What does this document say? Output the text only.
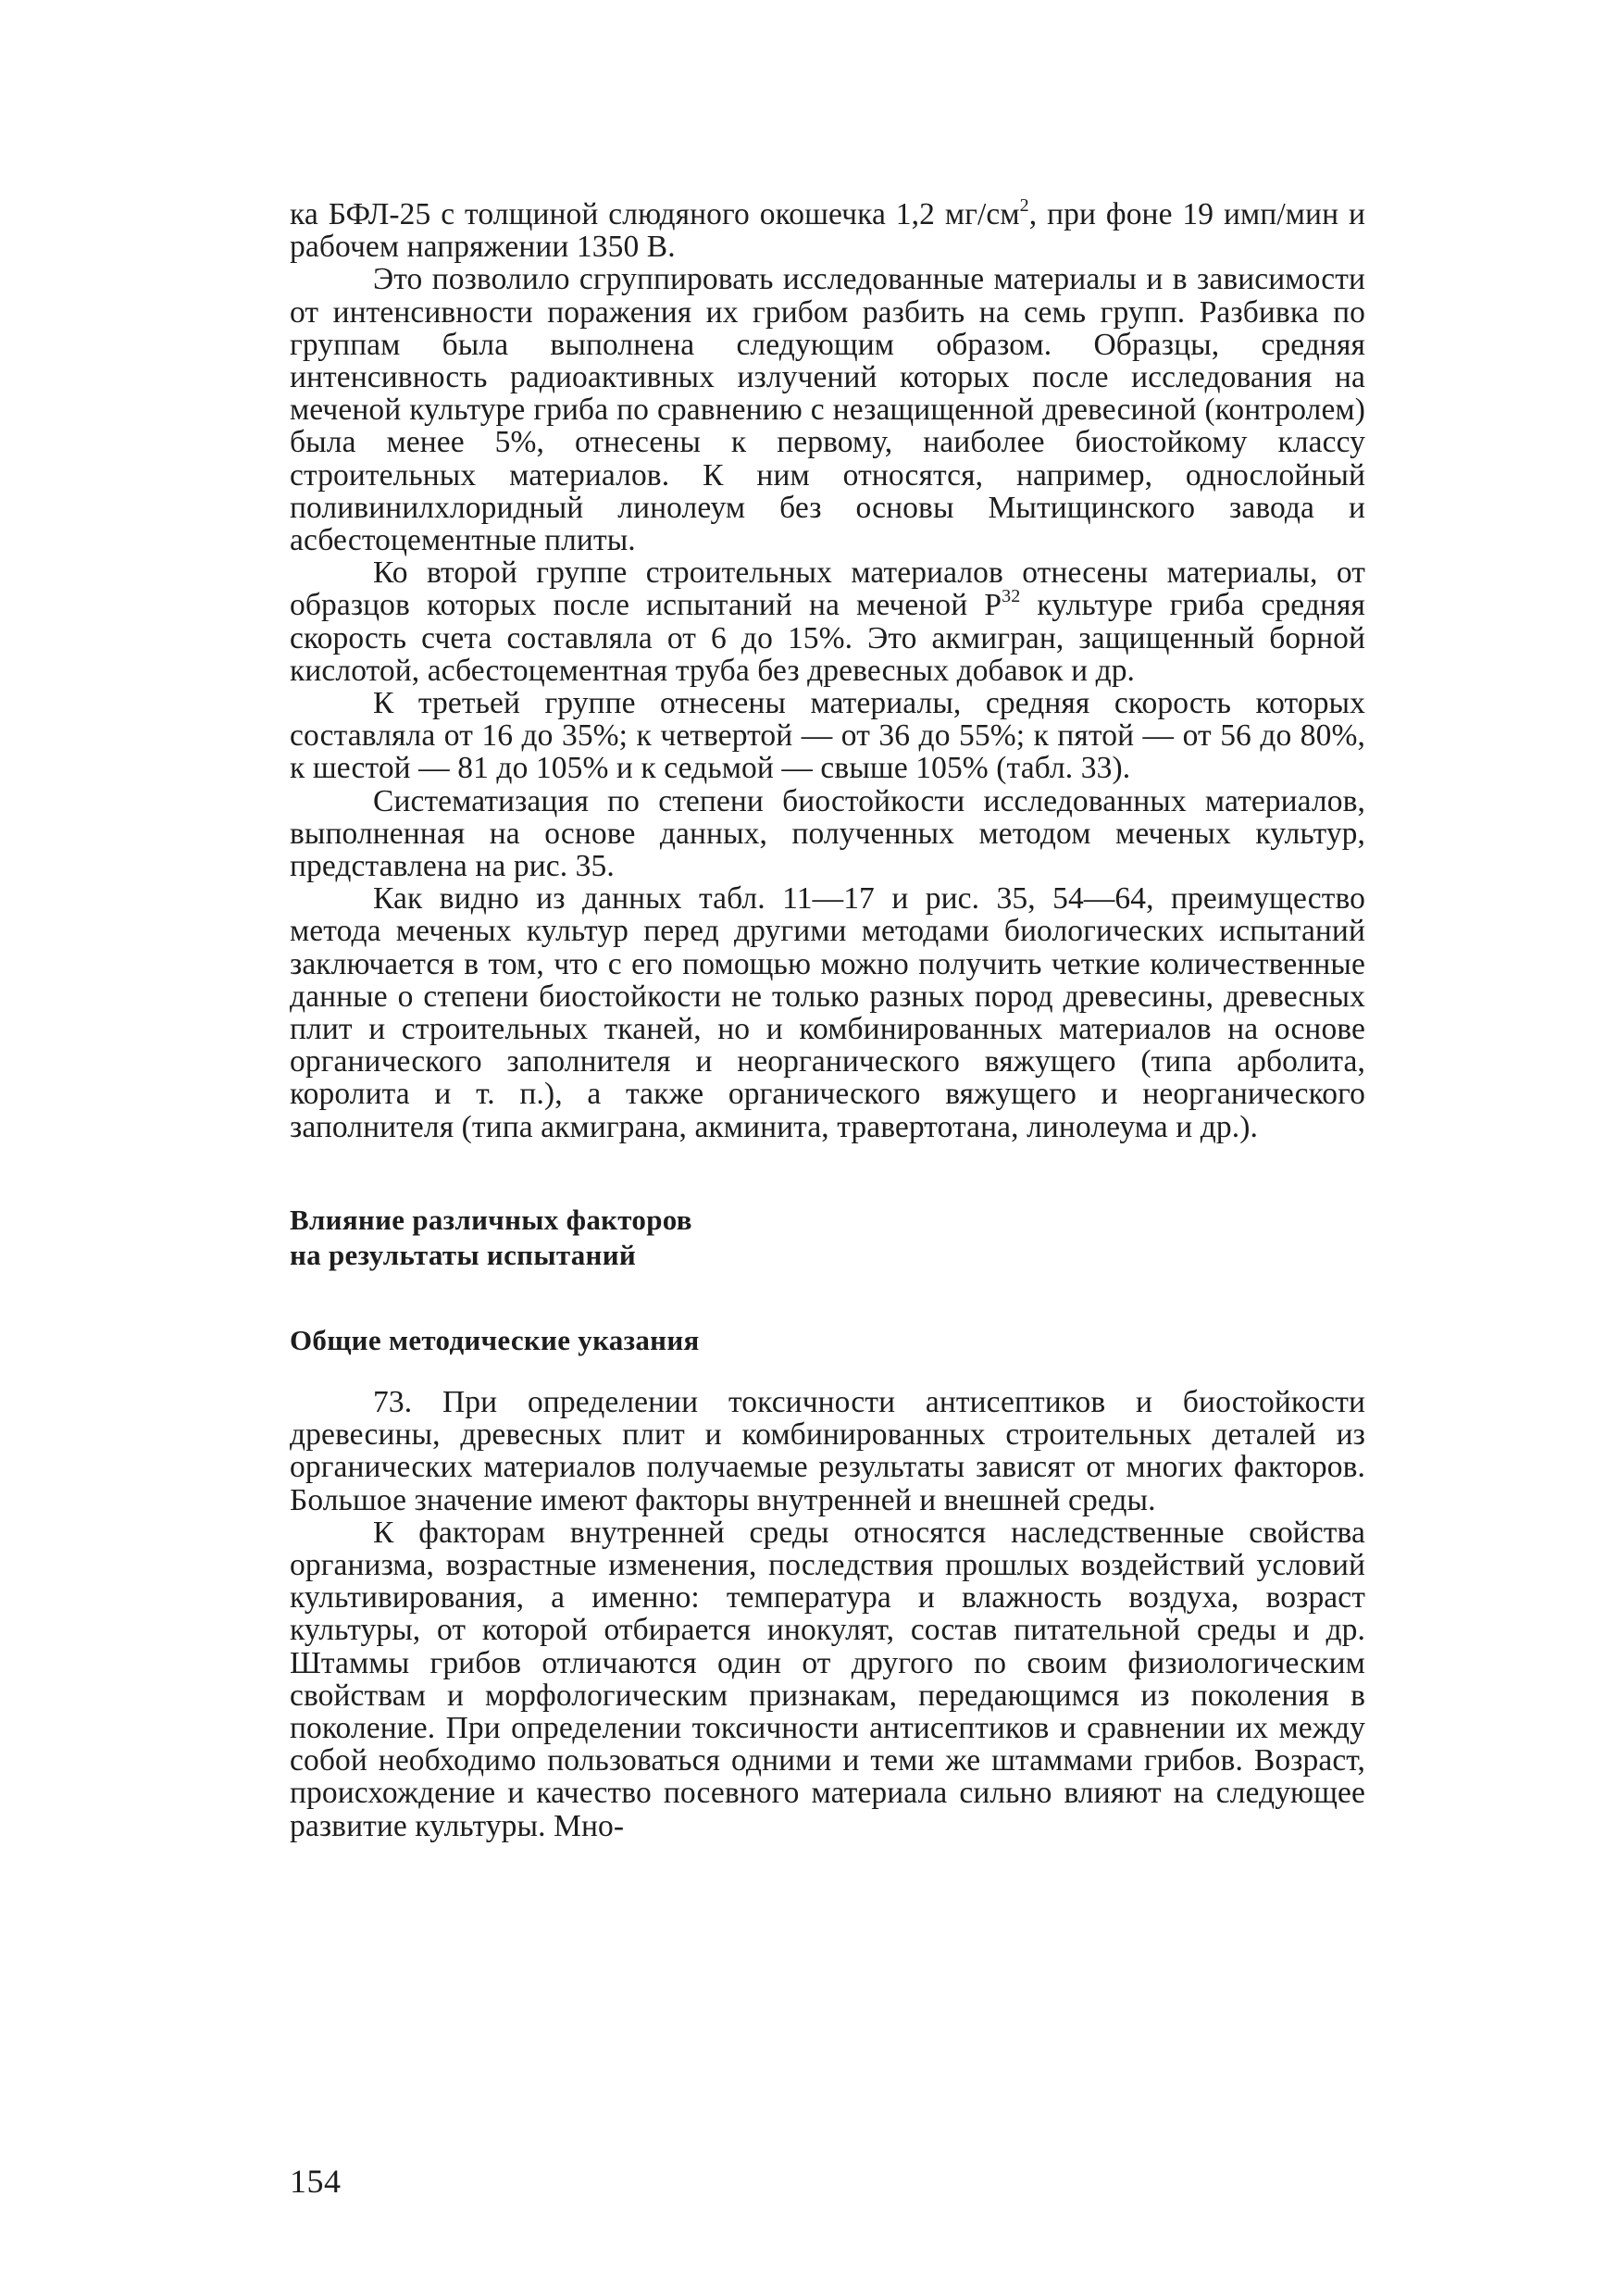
ка БФЛ-25 с толщиной слюдяного окошечка 1,2 $мг/см^2$, при фоне 19 имп/мин и рабочем напряжении 1350 В.

Это позволило сгруппировать исследованные материалы и в зависимости от интенсивности поражения их грибом разбить на семь групп. Разбивка по группам была выполнена следующим образом. Образцы, средняя интенсивность радиоактивных излучений которых после исследования на меченой культуре гриба по сравнению с незащищенной древесиной (контролем) была менее 5%, отнесены к первому, наиболее биостойкому классу строительных материалов. К ним относятся, например, однослойный поливинилхлоридный линолеум без основы Мытищинского завода и асбестоцементные плиты.

Ко второй группе строительных материалов отнесены материалы, от образцов которых после испытаний на меченой $Р^{32}$ культуре гриба средняя скорость счета составляла от 6 до 15%. Это акмигран, защищенный борной кислотой, асбестоцементная труба без древесных добавок и др.

К третьей группе отнесены материалы, средняя скорость которых составляла от 16 до 35%; к четвертой — от 36 до 55%; к пятой — от 56 до 80%, к шестой — 81 до 105% и к седьмой — свыше 105% (табл. 33).

Систематизация по степени биостойкости исследованных материалов, выполненная на основе данных, полученных методом меченых культур, представлена на рис. 35.

Как видно из данных табл. 11—17 и рис. 35, 54—64, преимущество метода меченых культур перед другими методами биологических испытаний заключается в том, что с его помощью можно получить четкие количественные данные о степени биостойкости не только разных пород древесины, древесных плит и строительных тканей, но и комбинированных материалов на основе органического заполнителя и неорганического вяжущего (типа арболита, королита и т. п.), а также органического вяжущего и неорганического заполнителя (типа акмиграна, акминита, травертотана, линолеума и др.).

Влияние различных факторов
на результаты испытаний
Общие методические указания

73. При определении токсичности антисептиков и биостойкости древесины, древесных плит и комбинированных строительных деталей из органических материалов получаемые результаты зависят от многих факторов. Большое значение имеют факторы внутренней и внешней среды.

К факторам внутренней среды относятся наследственные свойства организма, возрастные изменения, последствия прошлых воздействий условий культивирования, а именно: температура и влажность воздуха, возраст культуры, от которой отбирается инокулят, состав питательной среды и др. Штаммы грибов отличаются один от другого по своим физиологическим свойствам и морфологическим признакам, передающимся из поколения в поколение. При определении токсичности антисептиков и сравнении их между собой необходимо пользоваться одними и теми же штаммами грибов. Возраст, происхождение и качество посевного материала сильно влияют на следующее развитие культуры. Мно-

154
